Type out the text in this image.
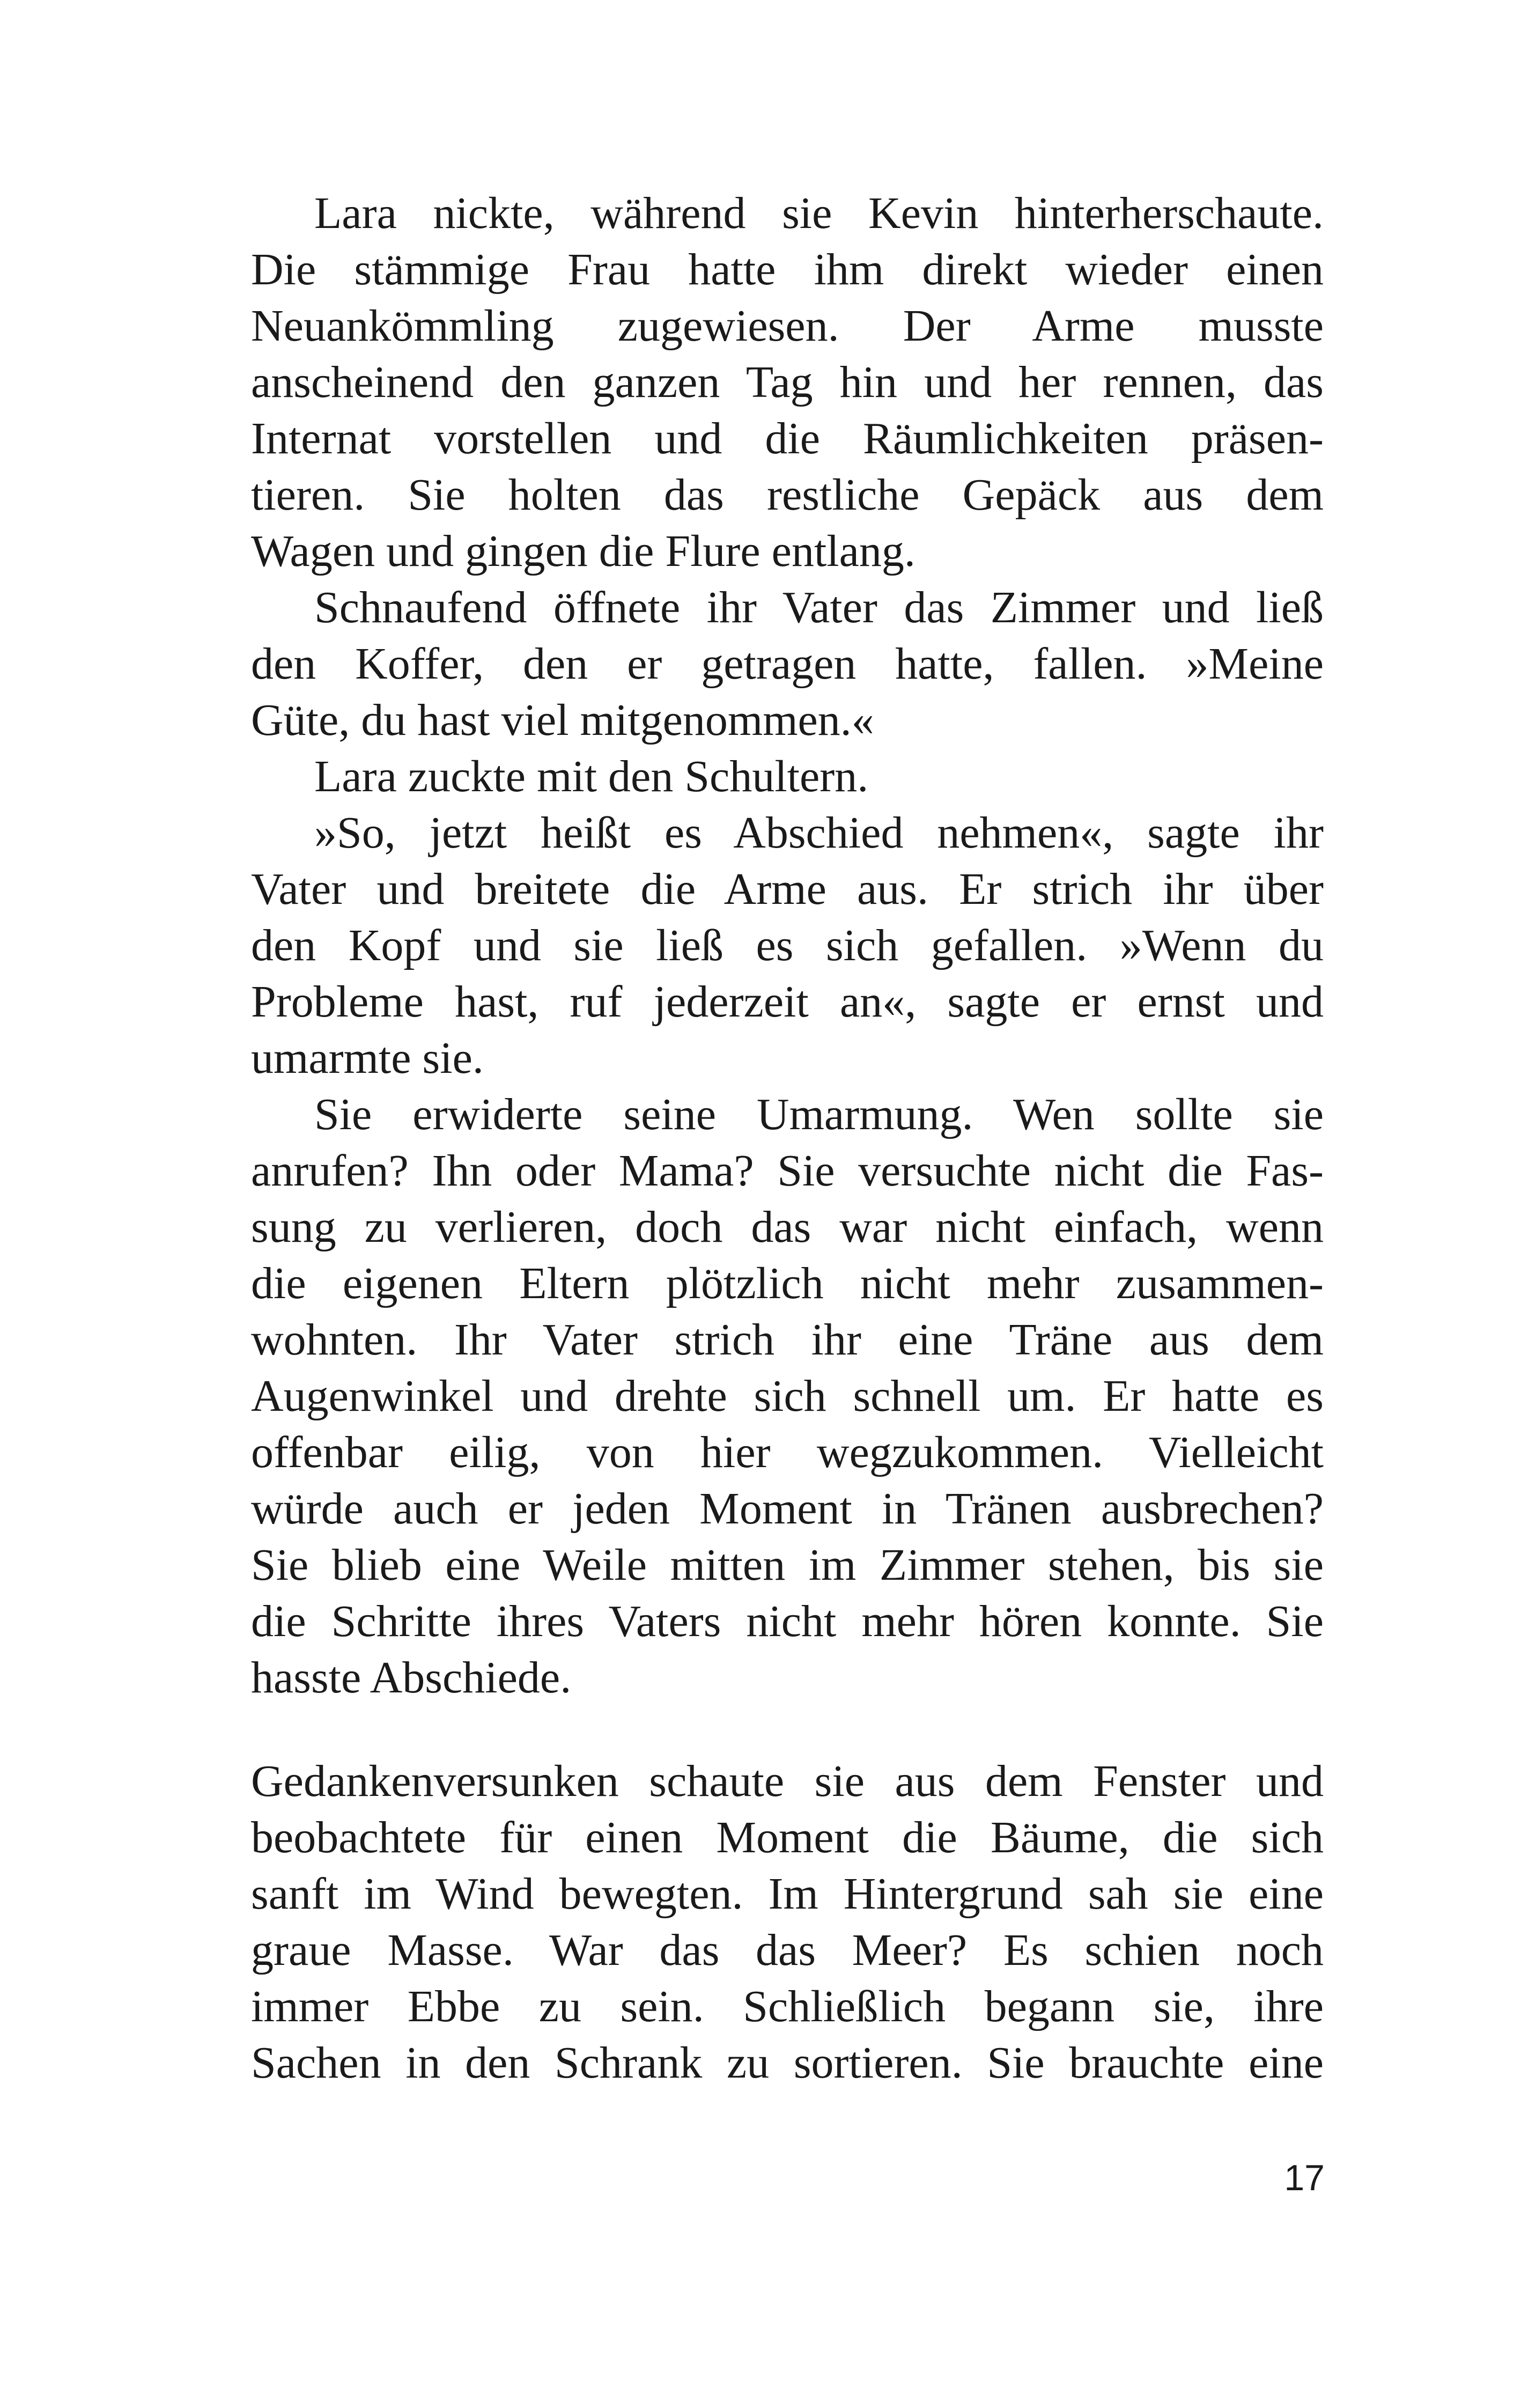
Lara nickte, während sie Kevin hinterherschaute.
Die stämmige Frau hatte ihm direkt wieder einen
Neuankömmling zugewiesen. Der Arme musste
anscheinend den ganzen Tag hin und her rennen, das
Internat vorstellen und die Räumlichkeiten präsen-
tieren. Sie holten das restliche Gepäck aus dem
Wagen und gingen die Flure entlang.
Schnaufend öffnete ihr Vater das Zimmer und ließ
den Koffer, den er getragen hatte, fallen. »Meine
Güte, du hast viel mitgenommen.«
Lara zuckte mit den Schultern.
»So, jetzt heißt es Abschied nehmen«, sagte ihr
Vater und breitete die Arme aus. Er strich ihr über
den Kopf und sie ließ es sich gefallen. »Wenn du
Probleme hast, ruf jederzeit an«, sagte er ernst und
umarmte sie.
Sie erwiderte seine Umarmung. Wen sollte sie
anrufen? Ihn oder Mama? Sie versuchte nicht die Fas-
sung zu verlieren, doch das war nicht einfach, wenn
die eigenen Eltern plötzlich nicht mehr zusammen-
wohnten. Ihr Vater strich ihr eine Träne aus dem
Augenwinkel und drehte sich schnell um. Er hatte es
offenbar eilig, von hier wegzukommen. Vielleicht
würde auch er jeden Moment in Tränen ausbrechen?
Sie blieb eine Weile mitten im Zimmer stehen, bis sie
die Schritte ihres Vaters nicht mehr hören konnte. Sie
hasste Abschiede.
Gedankenversunken schaute sie aus dem Fenster und
beobachtete für einen Moment die Bäume, die sich
sanft im Wind bewegten. Im Hintergrund sah sie eine
graue Masse. War das das Meer? Es schien noch
immer Ebbe zu sein. Schließlich begann sie, ihre
Sachen in den Schrank zu sortieren. Sie brauchte eine
17
